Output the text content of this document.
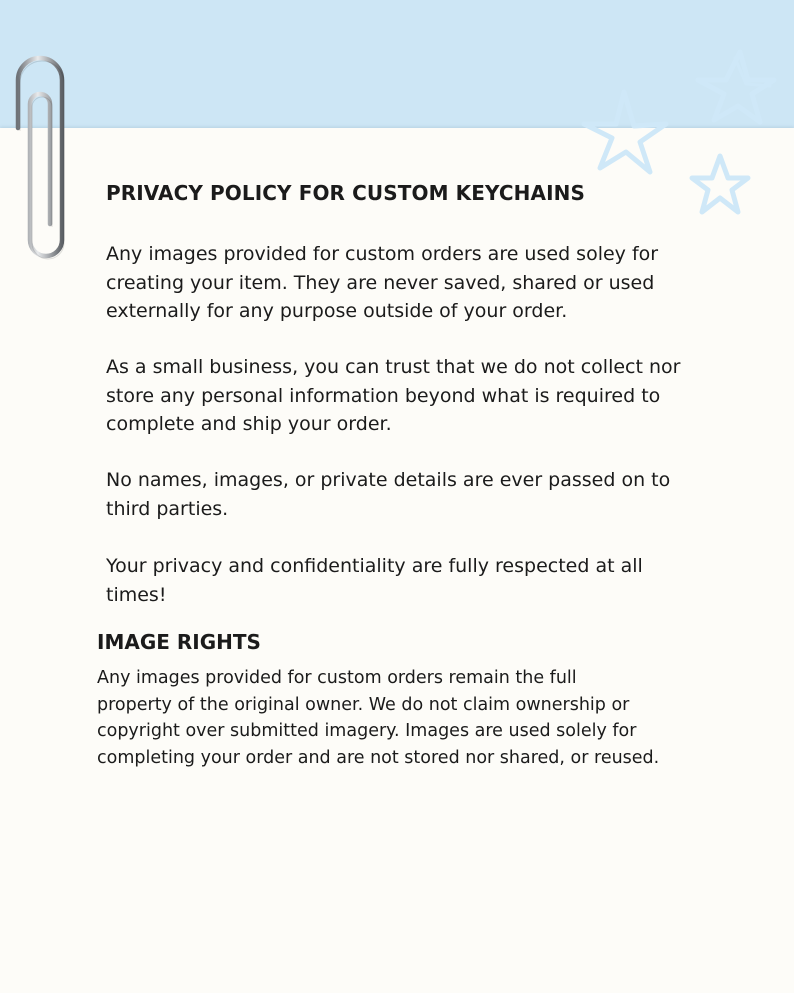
PRIVACY POLICY FOR CUSTOM KEYCHAINS

Any images provided for custom orders are used soley for
creating your item. They are never saved, shared or used
externally for any purpose outside of your order.

As a small business, you can trust that we do not collect nor
store any personal information beyond what is required to
complete and ship your order.

No names, images, or private details are ever passed on to
third parties.

Your privacy and confidentiality are fully respected at all
times!

IMAGE RIGHTS

Any images provided for custom orders remain the full
property of the original owner. We do not claim ownership or
copyright over submitted imagery. Images are used solely for
completing your order and are not stored nor shared, or reused.
